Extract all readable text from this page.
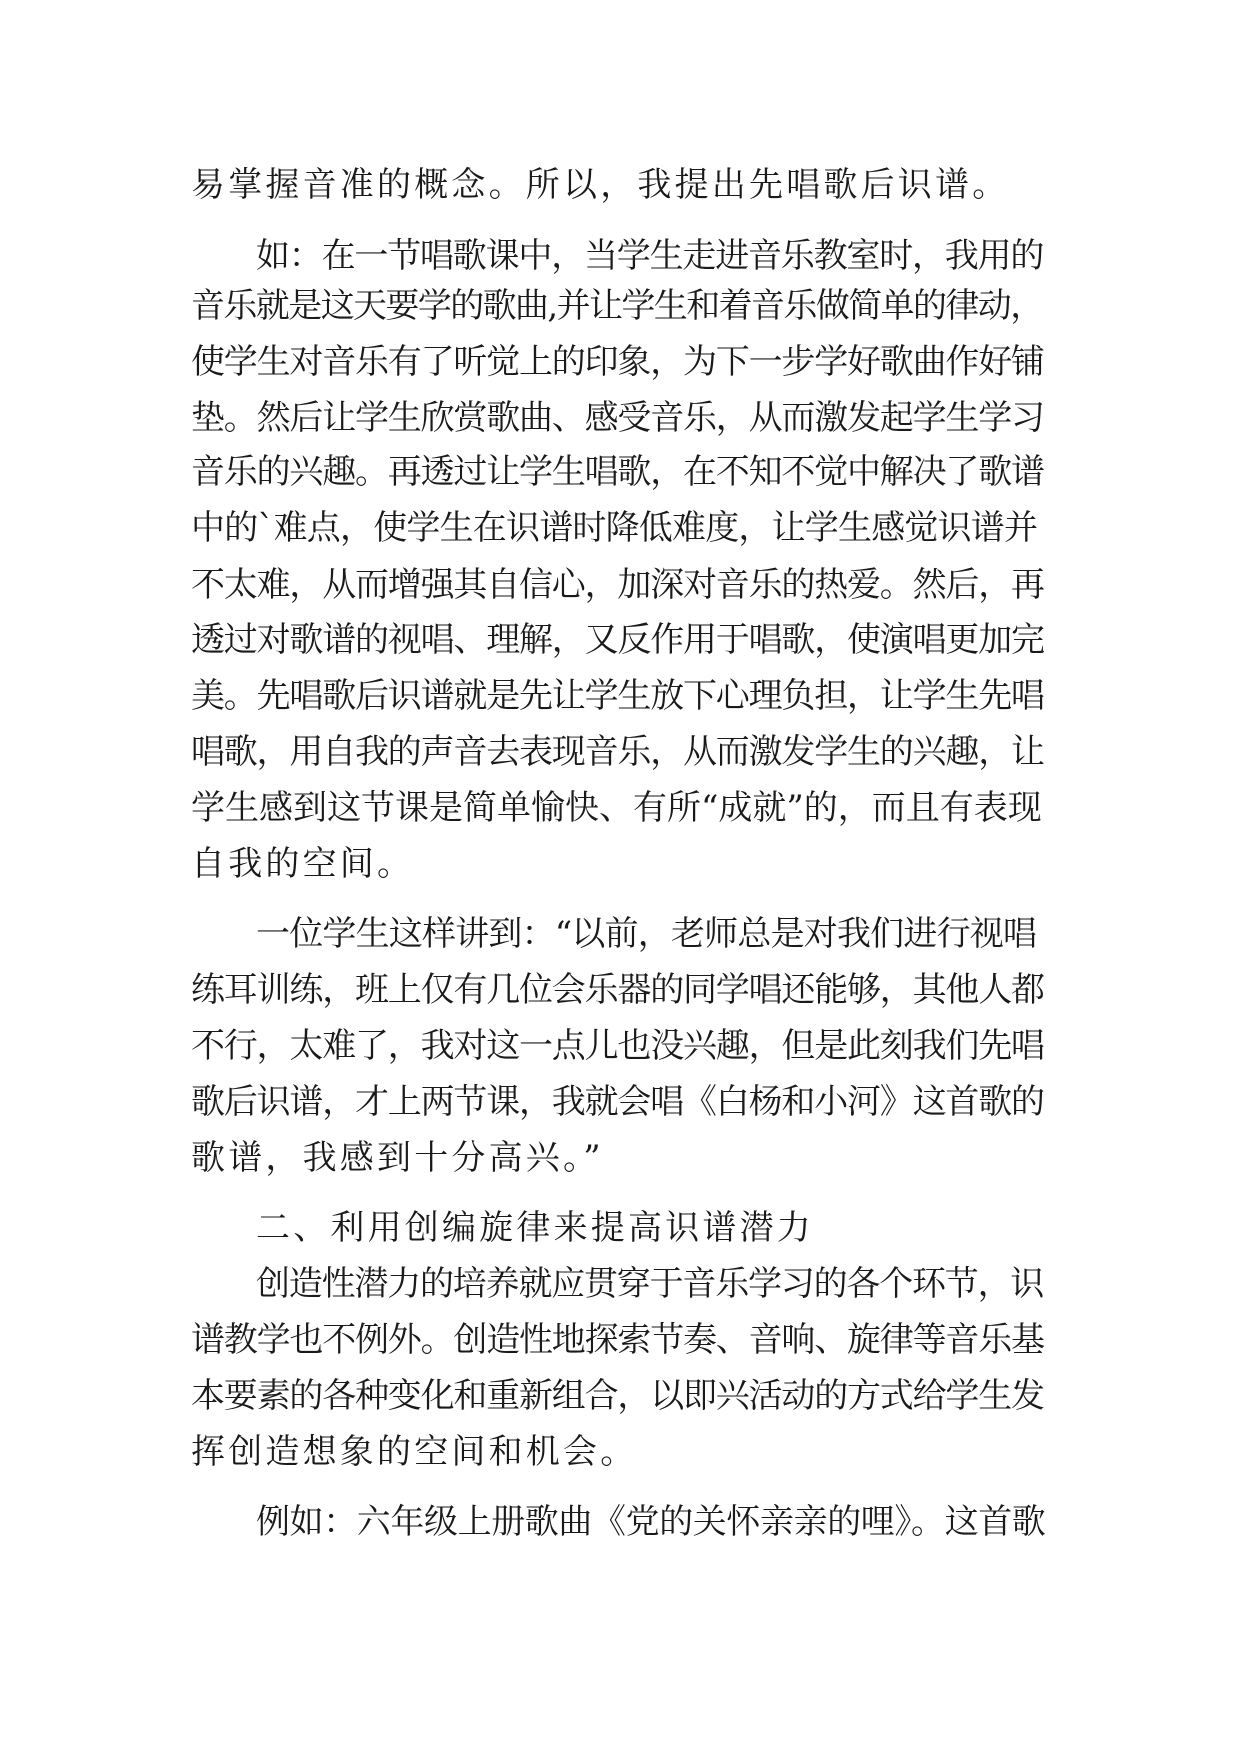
易掌握音准的概念。所以，我提出先唱歌后识谱。
如：在一节唱歌课中，当学生走进音乐教室时，我用的
音乐就是这天要学的歌曲,并让学生和着音乐做简单的律动，
使学生对音乐有了听觉上的印象，为下一步学好歌曲作好铺
垫。然后让学生欣赏歌曲、感受音乐，从而激发起学生学习
音乐的兴趣。再透过让学生唱歌，在不知不觉中解决了歌谱
中的`难点，使学生在识谱时降低难度，让学生感觉识谱并
不太难，从而增强其自信心，加深对音乐的热爱。然后，再
透过对歌谱的视唱、理解，又反作用于唱歌，使演唱更加完
美。先唱歌后识谱就是先让学生放下心理负担，让学生先唱
唱歌，用自我的声音去表现音乐，从而激发学生的兴趣，让
学生感到这节课是简单愉快、有所“成就”的，而且有表现
自我的空间。
一位学生这样讲到：“以前，老师总是对我们进行视唱
练耳训练，班上仅有几位会乐器的同学唱还能够，其他人都
不行，太难了，我对这一点儿也没兴趣，但是此刻我们先唱
歌后识谱，才上两节课，我就会唱《白杨和小河》这首歌的
歌谱，我感到十分高兴。”
二、利用创编旋律来提高识谱潜力
创造性潜力的培养就应贯穿于音乐学习的各个环节，识
谱教学也不例外。创造性地探索节奏、音响、旋律等音乐基
本要素的各种变化和重新组合，以即兴活动的方式给学生发
挥创造想象的空间和机会。
例如：六年级上册歌曲《党的关怀亲亲的哩》。这首歌
